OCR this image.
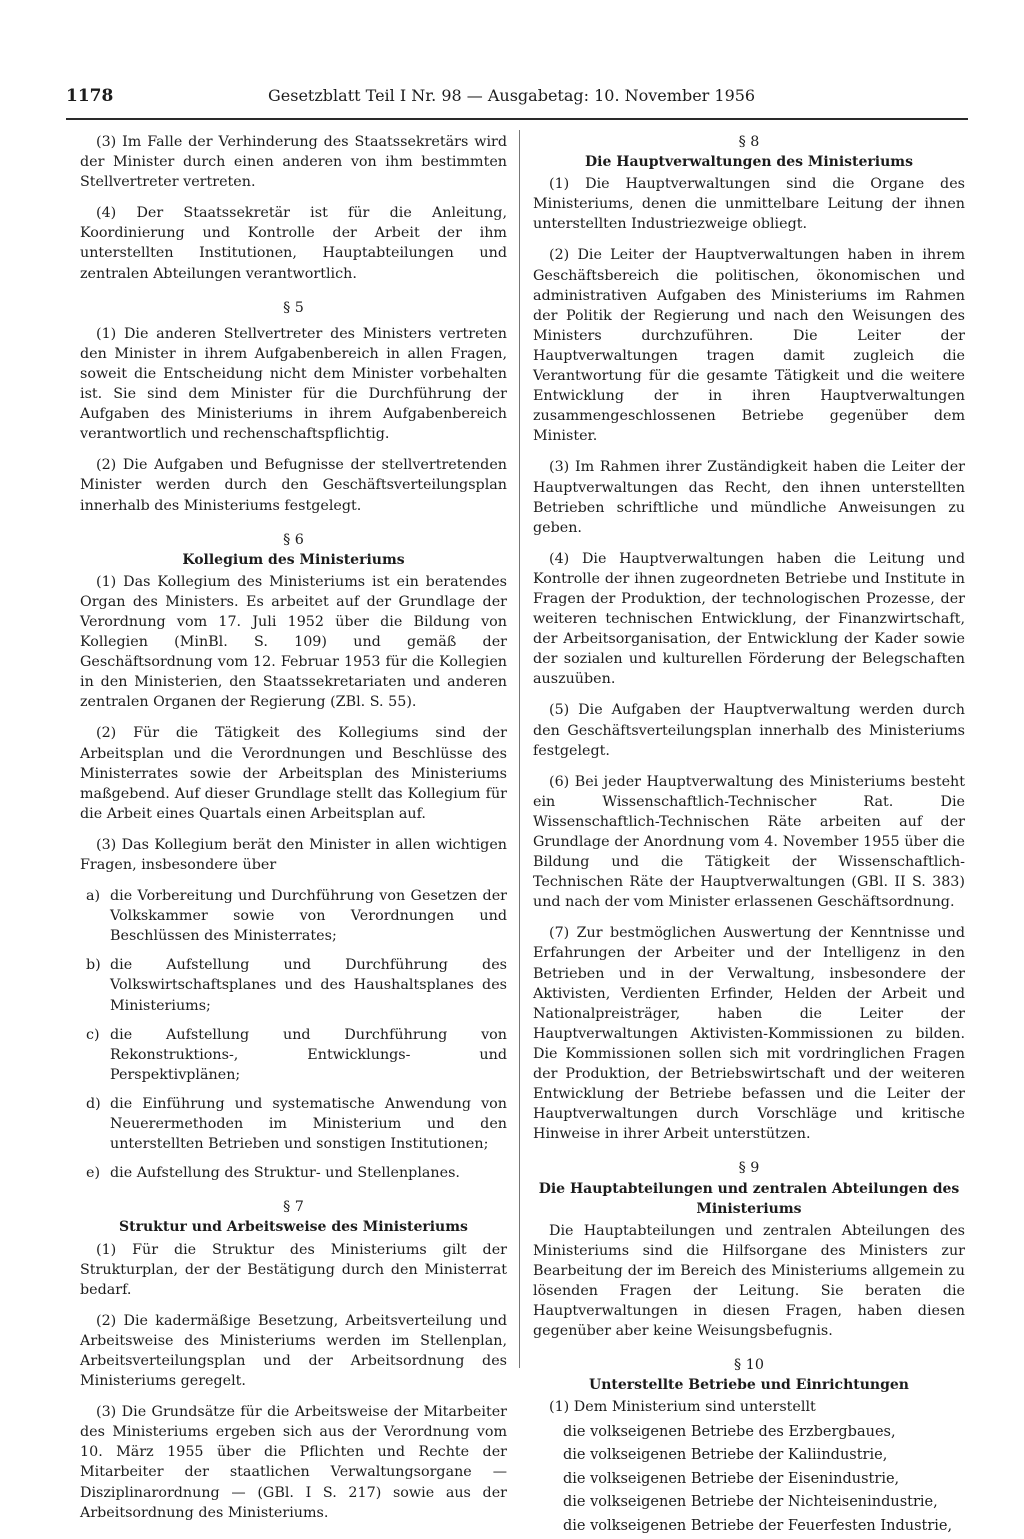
1178	Gesetzblatt Teil I Nr. 98 — Ausgabetag: 10. November 1956

(3) Im Falle der Verhinderung des Staatssekretärs wird der Minister durch einen anderen von ihm bestimmten Stellvertreter vertreten.

(4) Der Staatssekretär ist für die Anleitung, Koordinierung und Kontrolle der Arbeit der ihm unterstellten Institutionen, Hauptabteilungen und zentralen Abteilungen verantwortlich.

§ 5

(1) Die anderen Stellvertreter des Ministers vertreten den Minister in ihrem Aufgabenbereich in allen Fragen, soweit die Entscheidung nicht dem Minister vorbehalten ist. Sie sind dem Minister für die Durchführung der Aufgaben des Ministeriums in ihrem Aufgabenbereich verantwortlich und rechenschaftspflichtig.

(2) Die Aufgaben und Befugnisse der stellvertretenden Minister werden durch den Geschäftsverteilungsplan innerhalb des Ministeriums festgelegt.

§ 6
Kollegium des Ministeriums

(1) Das Kollegium des Ministeriums ist ein beratendes Organ des Ministers. Es arbeitet auf der Grundlage der Verordnung vom 17. Juli 1952 über die Bildung von Kollegien (MinBl. S. 109) und gemäß der Geschäftsordnung vom 12. Februar 1953 für die Kollegien in den Ministerien, den Staatssekretariaten und anderen zentralen Organen der Regierung (ZBl. S. 55).

(2) Für die Tätigkeit des Kollegiums sind der Arbeitsplan und die Verordnungen und Beschlüsse des Ministerrates sowie der Arbeitsplan des Ministeriums maßgebend. Auf dieser Grundlage stellt das Kollegium für die Arbeit eines Quartals einen Arbeitsplan auf.

(3) Das Kollegium berät den Minister in allen wichtigen Fragen, insbesondere über

a) die Vorbereitung und Durchführung von Gesetzen der Volkskammer sowie von Verordnungen und Beschlüssen des Ministerrates;
b) die Aufstellung und Durchführung des Volkswirtschaftsplanes und des Haushaltsplanes des Ministeriums;
c) die Aufstellung und Durchführung von Rekonstruktions-, Entwicklungs- und Perspektivplänen;
d) die Einführung und systematische Anwendung von Neuerermethoden im Ministerium und den unterstellten Betrieben und sonstigen Institutionen;
e) die Aufstellung des Struktur- und Stellenplanes.
§ 7
Struktur und Arbeitsweise des Ministeriums

(1) Für die Struktur des Ministeriums gilt der Strukturplan, der der Bestätigung durch den Ministerrat bedarf.

(2) Die kadermäßige Besetzung, Arbeitsverteilung und Arbeitsweise des Ministeriums werden im Stellenplan, Arbeitsverteilungsplan und der Arbeitsordnung des Ministeriums geregelt.

(3) Die Grundsätze für die Arbeitsweise der Mitarbeiter des Ministeriums ergeben sich aus der Verordnung vom 10. März 1955 über die Pflichten und Rechte der Mitarbeiter der staatlichen Verwaltungsorgane — Disziplinarordnung — (GBl. I S. 217) sowie aus der Arbeitsordnung des Ministeriums.

§ 8
Die Hauptverwaltungen des Ministeriums

(1) Die Hauptverwaltungen sind die Organe des Ministeriums, denen die unmittelbare Leitung der ihnen unterstellten Industriezweige obliegt.

(2) Die Leiter der Hauptverwaltungen haben in ihrem Geschäftsbereich die politischen, ökonomischen und administrativen Aufgaben des Ministeriums im Rahmen der Politik der Regierung und nach den Weisungen des Ministers durchzuführen. Die Leiter der Hauptverwaltungen tragen damit zugleich die Verantwortung für die gesamte Tätigkeit und die weitere Entwicklung der in ihren Hauptverwaltungen zusammengeschlossenen Betriebe gegenüber dem Minister.

(3) Im Rahmen ihrer Zuständigkeit haben die Leiter der Hauptverwaltungen das Recht, den ihnen unterstellten Betrieben schriftliche und mündliche Anweisungen zu geben.

(4) Die Hauptverwaltungen haben die Leitung und Kontrolle der ihnen zugeordneten Betriebe und Institute in Fragen der Produktion, der technologischen Prozesse, der weiteren technischen Entwicklung, der Finanzwirtschaft, der Arbeitsorganisation, der Entwicklung der Kader sowie der sozialen und kulturellen Förderung der Belegschaften auszuüben.

(5) Die Aufgaben der Hauptverwaltung werden durch den Geschäftsverteilungsplan innerhalb des Ministeriums festgelegt.

(6) Bei jeder Hauptverwaltung des Ministeriums besteht ein Wissenschaftlich-Technischer Rat. Die Wissenschaftlich-Technischen Räte arbeiten auf der Grundlage der Anordnung vom 4. November 1955 über die Bildung und die Tätigkeit der Wissenschaftlich-Technischen Räte der Hauptverwaltungen (GBl. II S. 383) und nach der vom Minister erlassenen Geschäftsordnung.

(7) Zur bestmöglichen Auswertung der Kenntnisse und Erfahrungen der Arbeiter und der Intelligenz in den Betrieben und in der Verwaltung, insbesondere der Aktivisten, Verdienten Erfinder, Helden der Arbeit und Nationalpreisträger, haben die Leiter der Hauptverwaltungen Aktivisten-Kommissionen zu bilden. Die Kommissionen sollen sich mit vordringlichen Fragen der Produktion, der Betriebswirtschaft und der weiteren Entwicklung der Betriebe befassen und die Leiter der Hauptverwaltungen durch Vorschläge und kritische Hinweise in ihrer Arbeit unterstützen.

§ 9
Die Hauptabteilungen und zentralen Abteilungen des Ministeriums

Die Hauptabteilungen und zentralen Abteilungen des Ministeriums sind die Hilfsorgane des Ministers zur Bearbeitung der im Bereich des Ministeriums allgemein zu lösenden Fragen der Leitung. Sie beraten die Hauptverwaltungen in diesen Fragen, haben diesen gegenüber aber keine Weisungsbefugnis.

§ 10
Unterstellte Betriebe und Einrichtungen

(1) Dem Ministerium sind unterstellt

die volkseigenen Betriebe des Erzbergbaues,
die volkseigenen Betriebe der Kaliindustrie,
die volkseigenen Betriebe der Eisenindustrie,
die volkseigenen Betriebe der Nichteisenindustrie,
die volkseigenen Betriebe der Feuerfesten Industrie,
